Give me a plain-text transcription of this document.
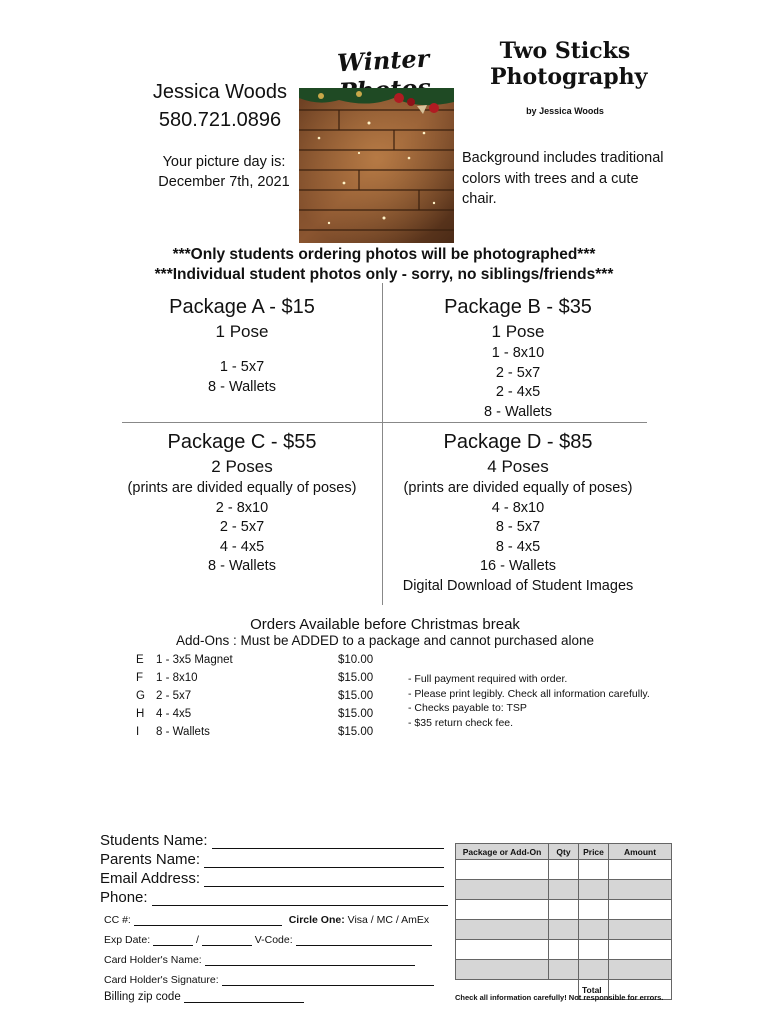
Jessica Woods
580.721.0896
Your picture day is:
December 7th, 2021
Winter	Two Sticks
Photography
by Jessica Woods
Background includes traditional colors with trees and a cute chair.
***Only students ordering photos will be photographed***
***Individual student photos only - sorry, no siblings/friends***
Package A - $15
1 Pose
1 - 5x7
8 - Wallets
Package B - $35
1 Pose
1 - 8x10
2 - 5x7
2 - 4x5
8 - Wallets
Package C - $55
2 Poses
(prints are divided equally of poses)
2 - 8x10
2 - 5x7
4 - 4x5
8 - Wallets
Package D - $85
4 Poses
(prints are divided equally of poses)
4 - 8x10
8 - 5x7
8 - 4x5
16 - Wallets
Digital Download of Student Images
Orders Available before Christmas break
Add-Ons : Must be ADDED to a package and cannot purchased alone
E	1 - 3x5 Magnet	$10.00
F	1 - 8x10	$15.00
G	2 - 5x7	$15.00
H	4 - 4x5	$15.00
I	8 - Wallets	$15.00
- Full payment required with order.
- Please print legibly. Check all information carefully.
- Checks payable to: TSP
- $35 return check fee.
Students Name:
Parents Name:
Email Address:
Phone:
CC #:	Circle One: Visa / MC / AmEx
Exp Date:	/	V-Code:
Card Holder's Name:
Card Holder's Signature:
Billing zip code
Package or Add-On	Qty	Price	Amount

		Total	
Check all information carefully! Not responsible for errors.
